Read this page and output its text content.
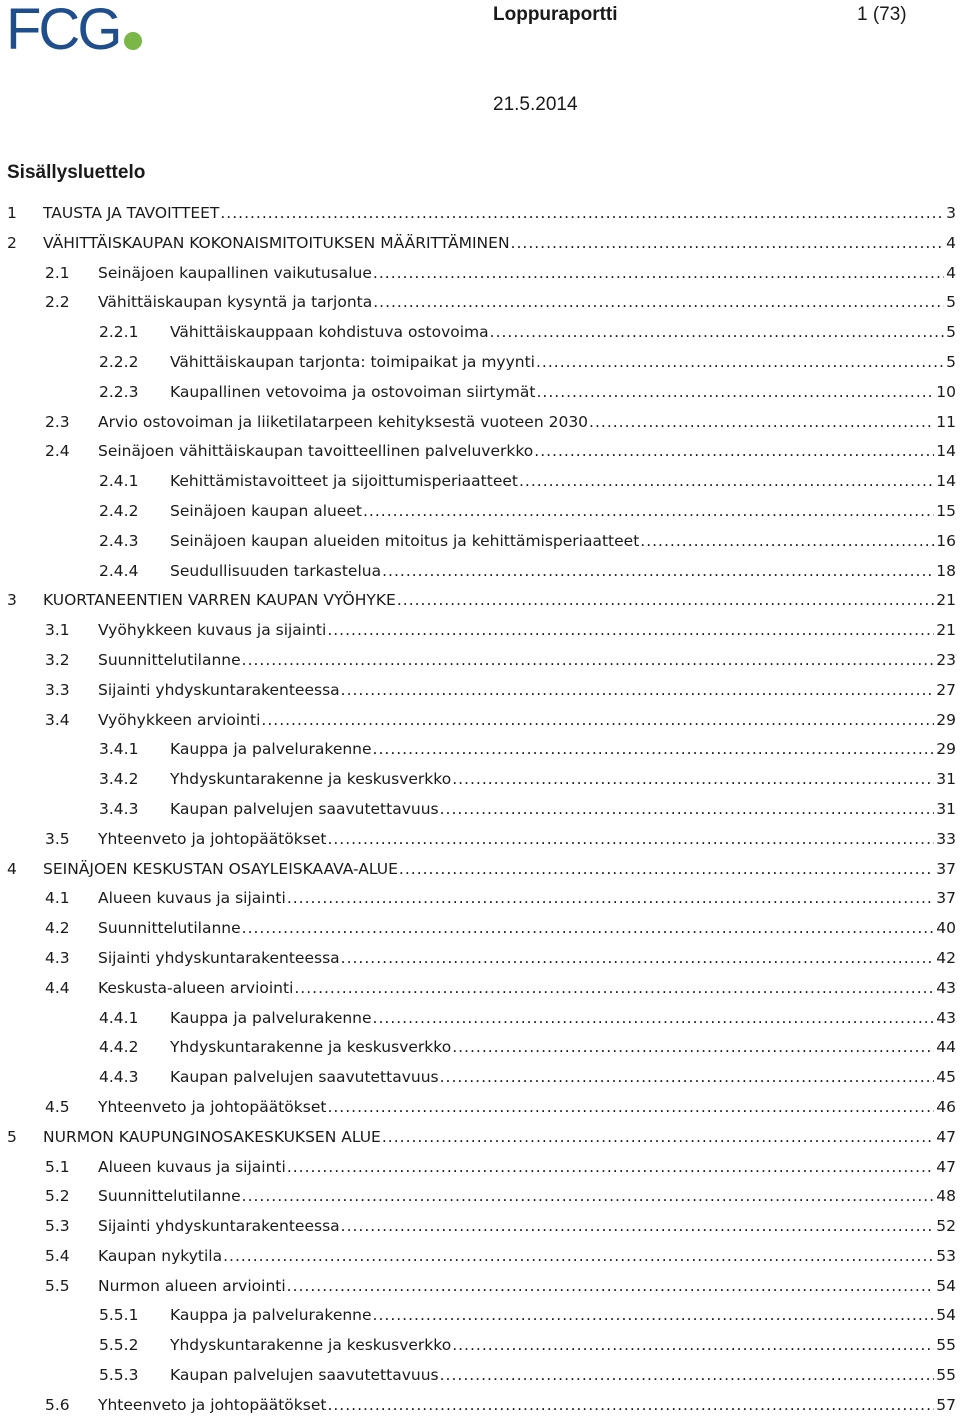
FCG	Loppuraportti	1 (73)
21.5.2014
Sisällysluettelo
1 TAUSTA JA TAVOITTEET .....	3
2 VÄHITTÄISKAUPAN KOKONAISMITOITUKSEN MÄÄRITTÄMINEN .....	4
2.1 Seinäjoen kaupallinen vaikutusalue .....	4
2.2 Vähittäiskaupan kysyntä ja tarjonta .....	5
2.2.1 Vähittäiskauppaan kohdistuva ostovoima .....	5
2.2.2 Vähittäiskaupan tarjonta: toimipaikat ja myynti .....	5
2.2.3 Kaupallinen vetovoima ja ostovoiman siirtymät .....	10
2.3 Arvio ostovoiman ja liiketilatarpeen kehityksestä vuoteen 2030 .....	11
2.4 Seinäjoen vähittäiskaupan tavoitteellinen palveluverkko .....	14
2.4.1 Kehittämistavoitteet ja sijoittumisperiaatteet .....	14
2.4.2 Seinäjoen kaupan alueet .....	15
2.4.3 Seinäjoen kaupan alueiden mitoitus ja kehittämisperiaatteet .....	16
2.4.4 Seudullisuuden tarkastelua .....	18
3 KUORTANEENTIEN VARREN KAUPAN VYÖHYKE .....	21
3.1 Vyöhykkeen kuvaus ja sijainti .....	21
3.2 Suunnittelutilanne .....	23
3.3 Sijainti yhdyskuntarakenteessa .....	27
3.4 Vyöhykkeen arviointi .....	29
3.4.1 Kauppa ja palvelurakenne .....	29
3.4.2 Yhdyskuntarakenne ja keskusverkko .....	31
3.4.3 Kaupan palvelujen saavutettavuus .....	31
3.5 Yhteenveto ja johtopäätökset .....	33
4 SEINÄJOEN KESKUSTAN OSAYLEISKAAVA-ALUE .....	37
4.1 Alueen kuvaus ja sijainti .....	37
4.2 Suunnittelutilanne .....	40
4.3 Sijainti yhdyskuntarakenteessa .....	42
4.4 Keskusta-alueen arviointi .....	43
4.4.1 Kauppa ja palvelurakenne .....	43
4.4.2 Yhdyskuntarakenne ja keskusverkko .....	44
4.4.3 Kaupan palvelujen saavutettavuus .....	45
4.5 Yhteenveto ja johtopäätökset .....	46
5 NURMON KAUPUNGINOSAKESKUKSEN ALUE .....	47
5.1 Alueen kuvaus ja sijainti .....	47
5.2 Suunnittelutilanne .....	48
5.3 Sijainti yhdyskuntarakenteessa .....	52
5.4 Kaupan nykytila .....	53
5.5 Nurmon alueen arviointi .....	54
5.5.1 Kauppa ja palvelurakenne .....	54
5.5.2 Yhdyskuntarakenne ja keskusverkko .....	55
5.5.3 Kaupan palvelujen saavutettavuus .....	55
5.6 Yhteenveto ja johtopäätökset .....	57
